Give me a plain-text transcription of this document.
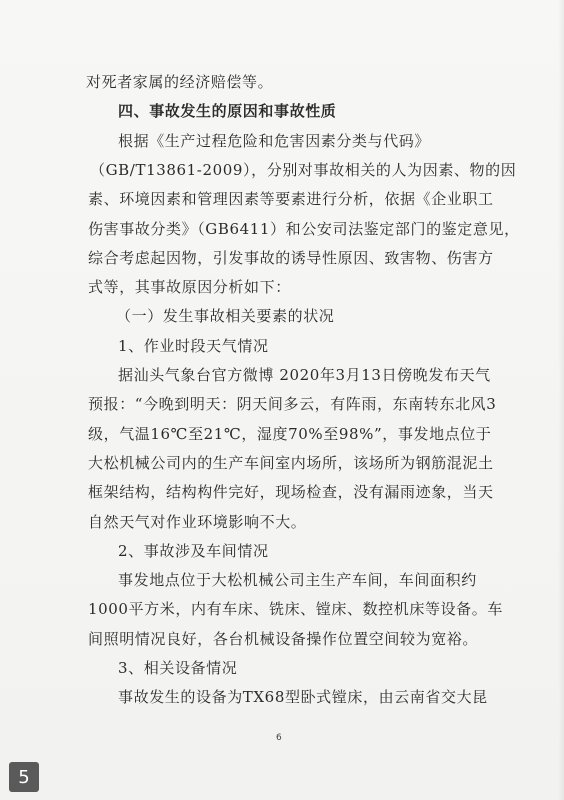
对死者家属的经济赔偿等。
四、事故发生的原因和事故性质
根据《生产过程危险和危害因素分类与代码》
（GB/T13861-2009），分别对事故相关的人为因素、物的因
素、环境因素和管理因素等要素进行分析，依据《企业职工
伤害事故分类》（GB6411）和公安司法鉴定部门的鉴定意见，
综合考虑起因物，引发事故的诱导性原因、致害物、伤害方
式等，其事故原因分析如下：
（一）发生事故相关要素的状况
1、作业时段天气情况
据汕头气象台官方微博 2020年3月13日傍晚发布天气
预报：“今晚到明天：阴天间多云，有阵雨，东南转东北风3
级，气温16℃至21℃，湿度70%至98%”，事发地点位于
大松机械公司内的生产车间室内场所，该场所为钢筋混泥土
框架结构，结构构件完好，现场检查，没有漏雨迹象，当天
自然天气对作业环境影响不大。
2、事故涉及车间情况
事发地点位于大松机械公司主生产车间，车间面积约
1000平方米，内有车床、铣床、镗床、数控机床等设备。车
间照明情况良好，各台机械设备操作位置空间较为宽裕。
3、相关设备情况
事故发生的设备为TX68型卧式镗床，由云南省交大昆
6
5
